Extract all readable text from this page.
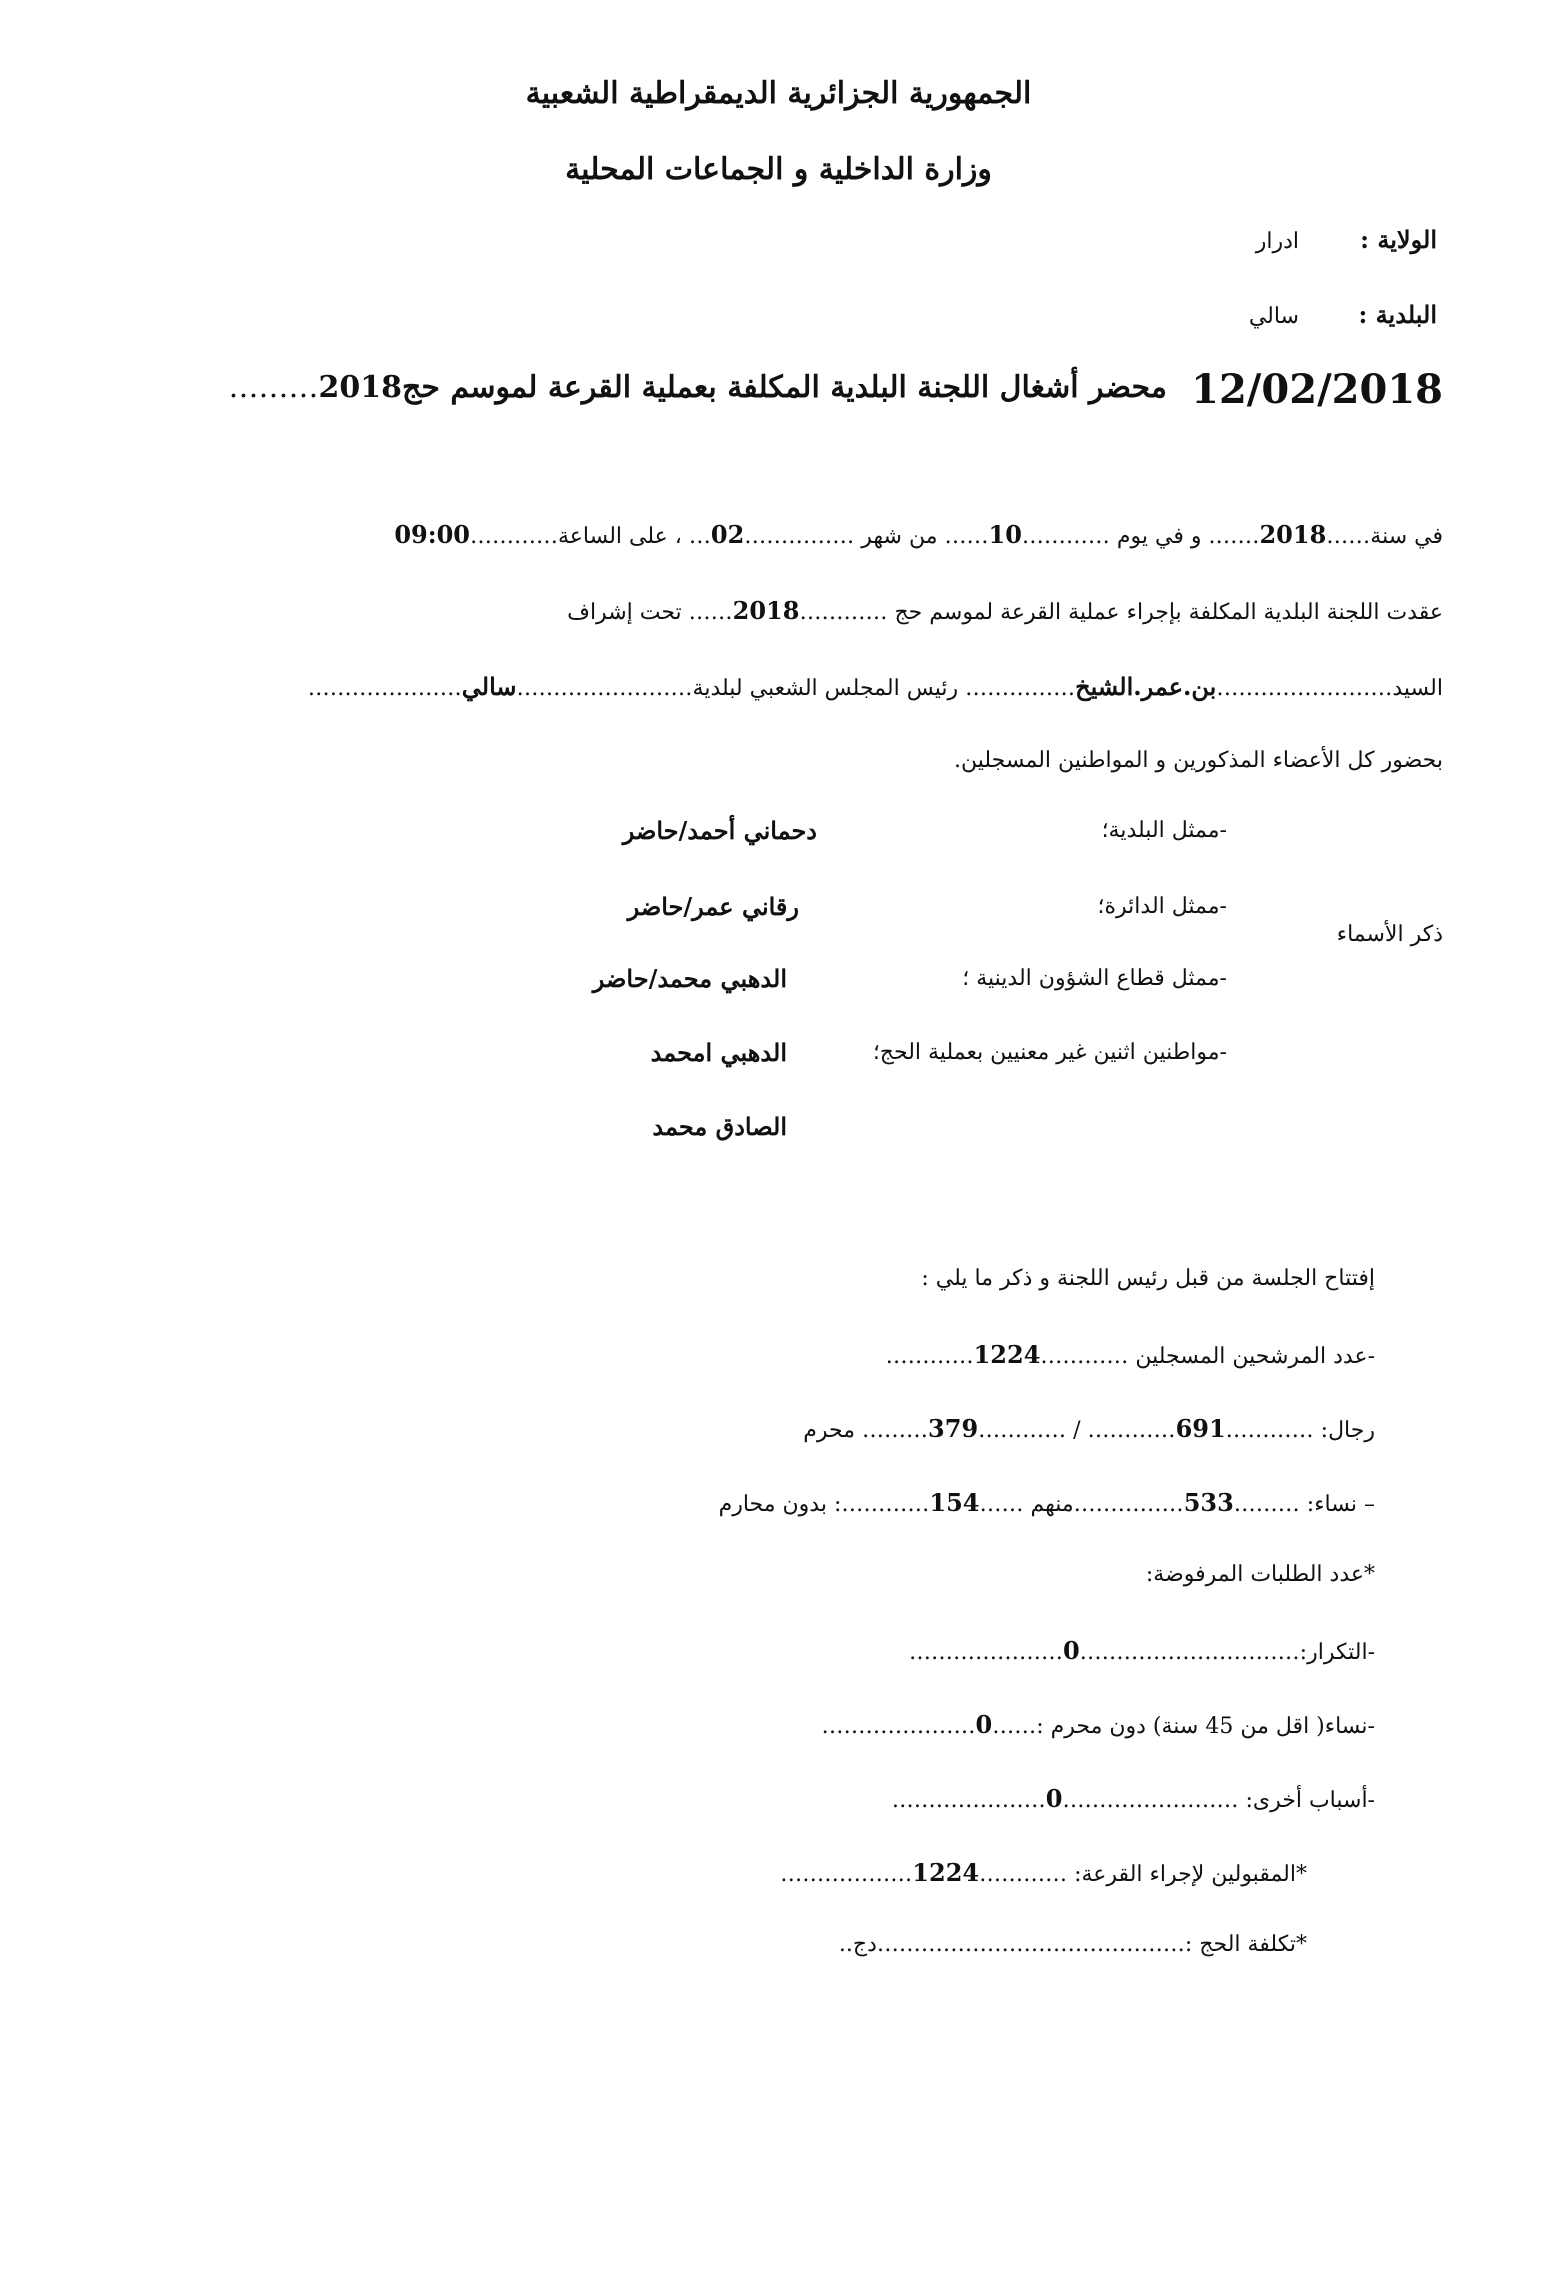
الجمهورية الجزائرية الديمقراطية الشعبية
وزارة الداخلية و الجماعات المحلية
الولاية :
ادرار
البلدية :
سالي
12/02/2018
محضر أشغال اللجنة البلدية المكلفة بعملية القرعة لموسم حج2018………
في سنة……2018……. و في يوم …………10…… من شهر ……………02… ، على الساعة…………09:00
عقدت اللجنة البلدية المكلفة بإجراء عملية القرعة لموسم حج …………2018…… تحت إشراف
السيد……………………بن.عمر.الشيخ…………… رئيس المجلس الشعبي لبلدية……………………سالي…………………
بحضور كل الأعضاء المذكورين و المواطنين المسجلين.
ذكر الأسماء
-ممثل البلدية؛
دحماني أحمد/حاضر
-ممثل الدائرة؛
رقاني عمر/حاضر
-ممثل قطاع الشؤون الدينية ؛
الدهبي محمد/حاضر
-مواطنين اثنين غير معنيين بعملية الحج؛
الدهبي امحمد
الصادق محمد
إفتتاح الجلسة من قبل رئيس اللجنة و ذكر ما يلي :
-عدد المرشحين المسجلين …………1224…………
رجال: …………691………… / …………379……… محرم
– نساء: ………533……………منهم ……154…………: بدون محارم
*عدد الطلبات المرفوضة:
-التكرار:…………………………0…………………
-نساء( اقل من 45 سنة) دون محرم :……0…………………
-أسباب أخرى: ……………………0…………………
*المقبولين لإجراء القرعة: …………1224………………
*تكلفة الحج :……………………………………دج..
